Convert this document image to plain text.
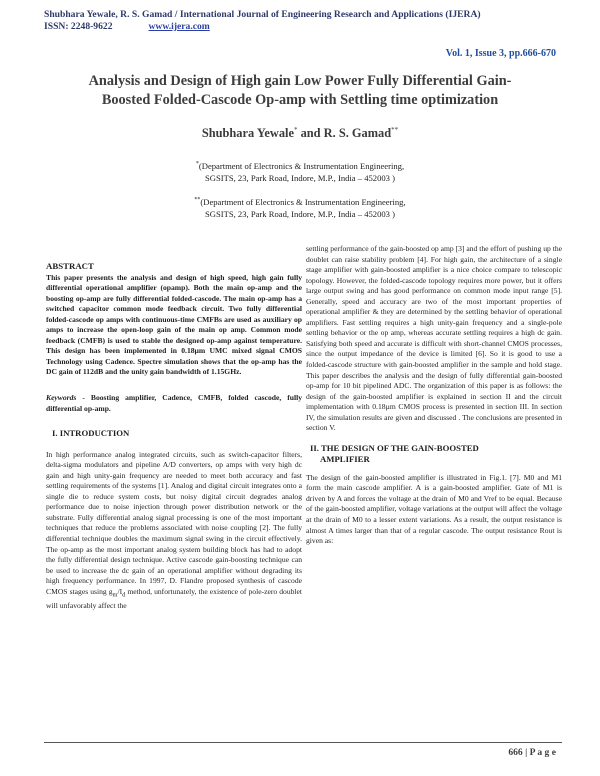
Shubhara Yewale, R. S. Gamad / International Journal of Engineering Research and Applications (IJERA)
ISSN: 2248-9622	www.ijera.com
Vol. 1, Issue 3, pp.666-670
Analysis and Design of High gain Low Power Fully Differential Gain-
Boosted Folded-Cascode Op-amp with Settling time optimization
Shubhara Yewale* and R. S. Gamad**
*(Department of Electronics & Instrumentation Engineering,
SGSITS, 23, Park Road, Indore, M.P., India – 452003 )
**(Department of Electronics & Instrumentation Engineering,
SGSITS, 23, Park Road, Indore, M.P., India – 452003 )

ABSTRACT

This paper presents the analysis and design of high speed, high gain fully differential operational amplifier (opamp). Both the main op-amp and the boosting op-amp are fully differential folded-cascode. The main op-amp has a switched capacitor common mode feedback circuit. Two fully differential folded-cascode op amps with continuous-time CMFBs are used as auxiliary op amps to increase the open-loop gain of the main op amp. Common mode feedback (CMFB) is used to stable the designed op-amp against temperature. This design has been implemented in 0.18µm UMC mixed signal CMOS Technology using Cadence. Spectre simulation shows that the op-amp has the DC gain of 112dB and the unity gain bandwidth of 1.15GHz.

Keywords - Boosting amplifier, Cadence, CMFB, folded cascode, fully differential op-amp.

I. INTRODUCTION

In high performance analog integrated circuits, such as switch-capacitor filters, delta-sigma modulators and pipeline A/D converters, op amps with very high dc gain and high unity-gain frequency are needed to meet both accuracy and fast settling requirements of the systems [1]. Analog and digital circuit integrates onto a single die to reduce system costs, but noisy digital circuit degrades analog performance due to noise injection through power distribution network or the substrate. Fully differential analog signal processing is one of the most important techniques that reduce the problems associated with noise coupling [2]. The fully differential technique doubles the maximum signal swing in the circuit effectively. The op-amp as the most important analog system building block has had to adopt the fully differential design technique. Active cascode gain-boosting technique can be used to increase the dc gain of an operational amplifier without degrading its high frequency performance. In 1997, D. Flandre proposed synthesis of cascode CMOS stages using $g_m/I_d$ method, unfortunately, the existence of pole-zero doublet will unfavorably affect the

settling performance of the gain-boosted op amp [3] and the effort of pushing up the doublet can raise stability problem [4]. For high gain, the architecture of a single stage amplifier with gain-boosted amplifier is a nice choice compare to telescopic topology. However, the folded-cascode topology requires more power, but it offers large output swing and has good performance on common mode input range [5]. Generally, speed and accuracy are two of the most important properties of operational amplifier & they are determined by the settling behavior of operational amplifiers. Fast settling requires a high unity-gain frequency and a single-pole settling behavior or the op amp, whereas accurate settling requires a high dc gain. Satisfying both speed and accurate is difficult with short-channel CMOS processes, since the output impedance of the device is limited [6]. So it is good to use a folded-cascode structure with gain-boosted amplifier in the sample and hold stage. This paper describes the analysis and the design of fully differential gain-boosted op-amp for 10 bit pipelined ADC. The organization of this paper is as follows: the design of the gain-boosted amplifier is explained in section II and the circuit implementation with 0.18µm CMOS process is presented in section III. In section IV, the simulation results are given and discussed . The conclusions are presented in section V.

II. THE DESIGN OF THE GAIN-BOOSTED
AMPLIFIER

The design of the gain-boosted amplifier is illustrated in Fig.1. [7]. M0 and M1 form the main cascode amplifier. A is a gain-boosted amplifier. Gate of M1 is driven by A and forces the voltage at the drain of M0 and Vref to be equal. Because of the gain-boosted amplifier, voltage variations at the output will affect the voltage at the drain of M0 to a lesser extent variations. As a result, the output resistance is almost A times larger than that of a regular cascode. The output resistance Rout is given as:

666 | P a g e
